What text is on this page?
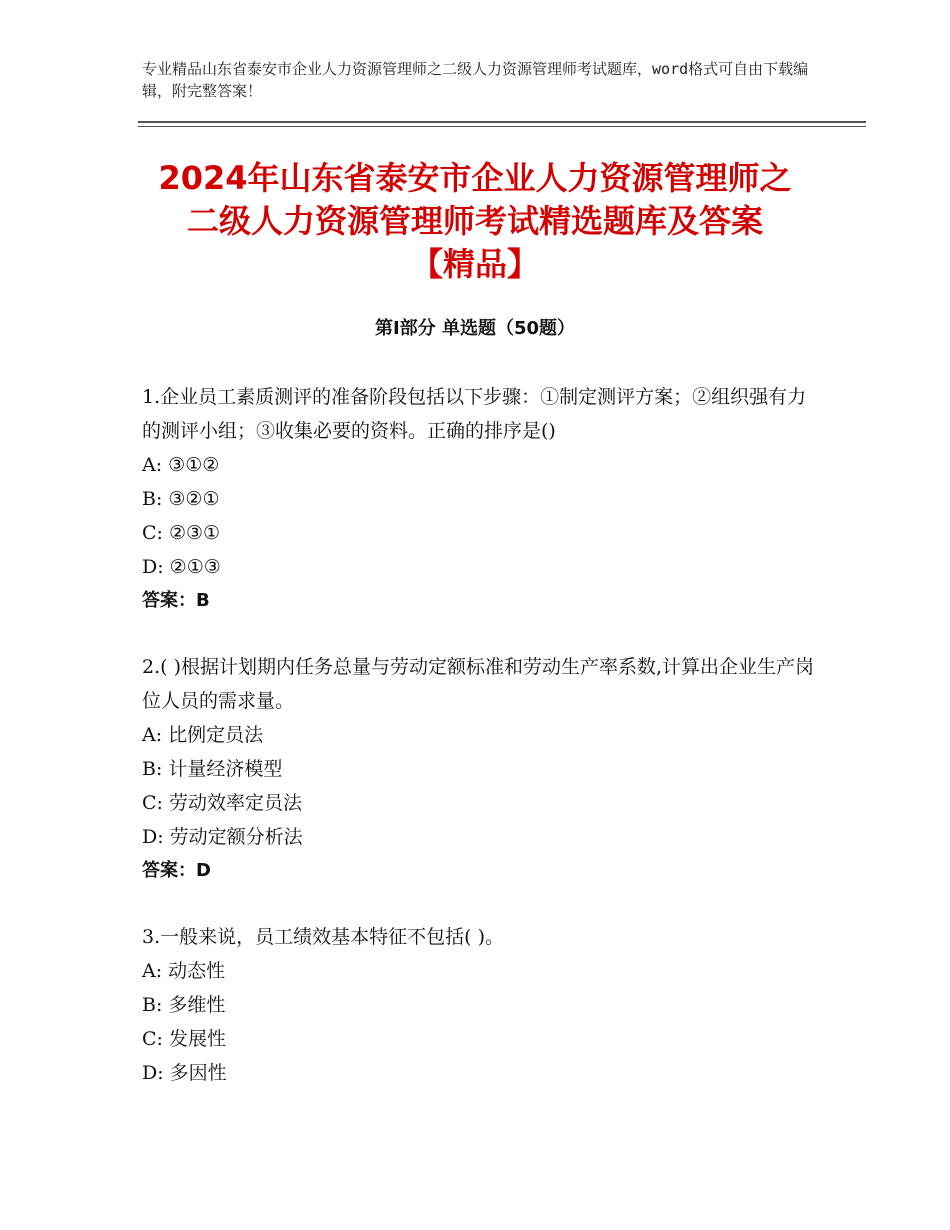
专业精品山东省泰安市企业人力资源管理师之二级人力资源管理师考试题库，word格式可自由下载编辑，附完整答案！
2024年山东省泰安市企业人力资源管理师之
二级人力资源管理师考试精选题库及答案
【精品】
第Ⅰ部分 单选题（50题）
1.企业员工素质测评的准备阶段包括以下步骤：①制定测评方案；②组织强有力的测评小组；③收集必要的资料。正确的排序是()
A: ③①②
B: ③②①
C: ②③①
D: ②①③
答案：B
2.( )根据计划期内任务总量与劳动定额标准和劳动生产率系数,计算出企业生产岗位人员的需求量。
A: 比例定员法
B: 计量经济模型
C: 劳动效率定员法
D: 劳动定额分析法
答案：D
3.一般来说，员工绩效基本特征不包括( )。
A: 动态性
B: 多维性
C: 发展性
D: 多因性
